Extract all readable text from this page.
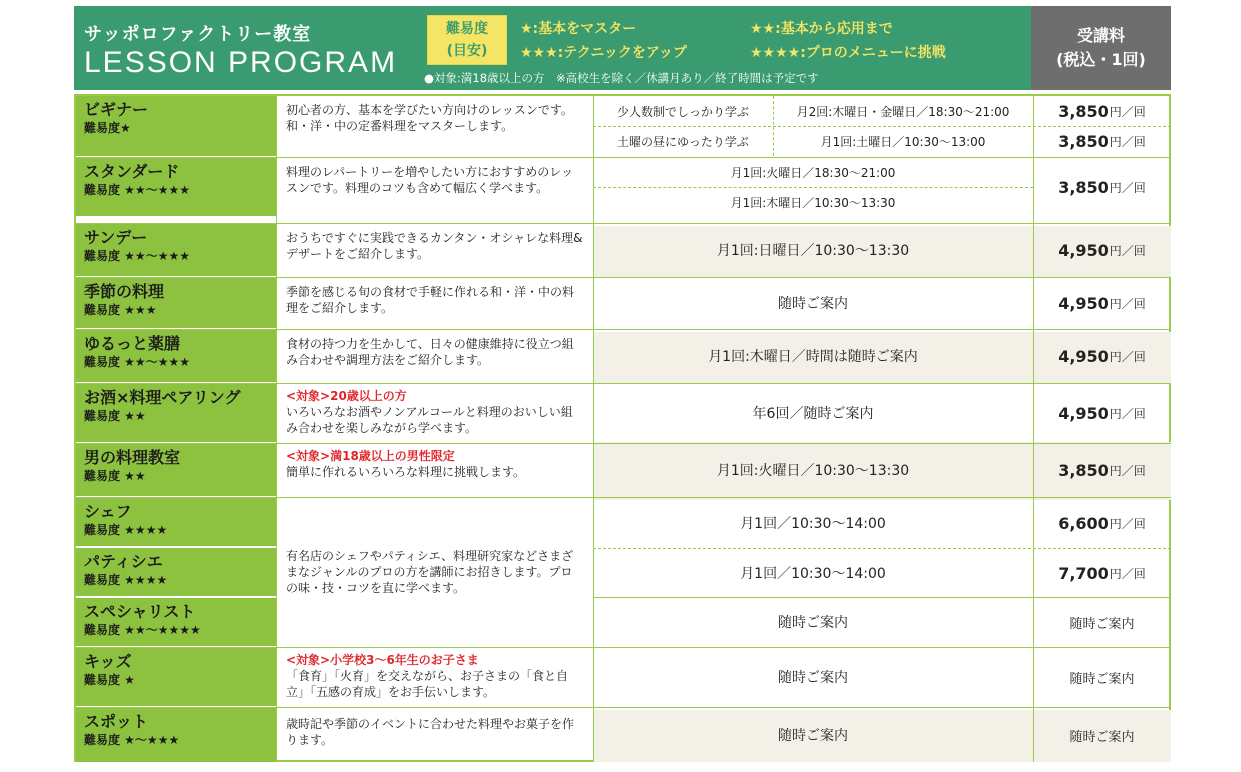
サッポロファクトリー教室
LESSON PROGRAM
難易度
(目安)
★:基本をマスター	★★:基本から応用まで
★★★:テクニックをアップ	★★★★:プロのメニューに挑戦
●対象:満18歳以上の方　※高校生を除く／休講月あり／終了時間は予定です
受講料
(税込・1回)
ビギナー
難易度★
初心者の方、基本を学びたい方向けのレッスンです。和・洋・中の定番料理をマスターします。
少人数制でしっかり学ぶ	月2回:木曜日・金曜日／18:30〜21:00	3,850 円／回
土曜の昼にゆったり学ぶ	月1回:土曜日／10:30〜13:00	3,850 円／回
スタンダード
難易度 ★★〜★★★
料理のレパートリーを増やしたい方におすすめのレッスンです。料理のコツも含めて幅広く学べます。
月1回:火曜日／18:30〜21:00
月1回:木曜日／10:30〜13:30
3,850 円／回
サンデー
難易度 ★★〜★★★
おうちですぐに実践できるカンタン・オシャレな料理&デザートをご紹介します。	月1回:日曜日／10:30〜13:30	4,950 円／回
季節の料理
難易度 ★★★
季節を感じる旬の食材で手軽に作れる和・洋・中の料理をご紹介します。	随時ご案内	4,950 円／回
ゆるっと薬膳
難易度 ★★〜★★★
食材の持つ力を生かして、日々の健康維持に役立つ組み合わせや調理方法をご紹介します。	月1回:木曜日／時間は随時ご案内	4,950 円／回
お酒×料理ペアリング
難易度 ★★
<対象>20歳以上の方
いろいろなお酒やノンアルコールと料理のおいしい組み合わせを楽しみながら学べます。
年6回／随時ご案内	4,950 円／回
男の料理教室
難易度 ★★
<対象>満18歳以上の男性限定
簡単に作れるいろいろな料理に挑戦します。	月1回:火曜日／10:30〜13:30	3,850 円／回
シェフ
難易度 ★★★★
パティシエ
難易度 ★★★★
スペシャリスト
難易度 ★★〜★★★★
有名店のシェフやパティシエ、料理研究家などさまざまなジャンルのプロの方を講師にお招きします。プロの味・技・コツを直に学べます。
月1回／10:30〜14:00	6,600 円／回
月1回／10:30〜14:00	7,700 円／回
随時ご案内	随時ご案内
キッズ
難易度 ★
<対象>小学校3〜6年生のお子さま
「食育」「火育」を交えながら、お子さまの「食と自立」「五感の育成」をお手伝いします。
随時ご案内	随時ご案内
スポット
難易度 ★〜★★★
歳時記や季節のイベントに合わせた料理やお菓子を作ります。	随時ご案内	随時ご案内
